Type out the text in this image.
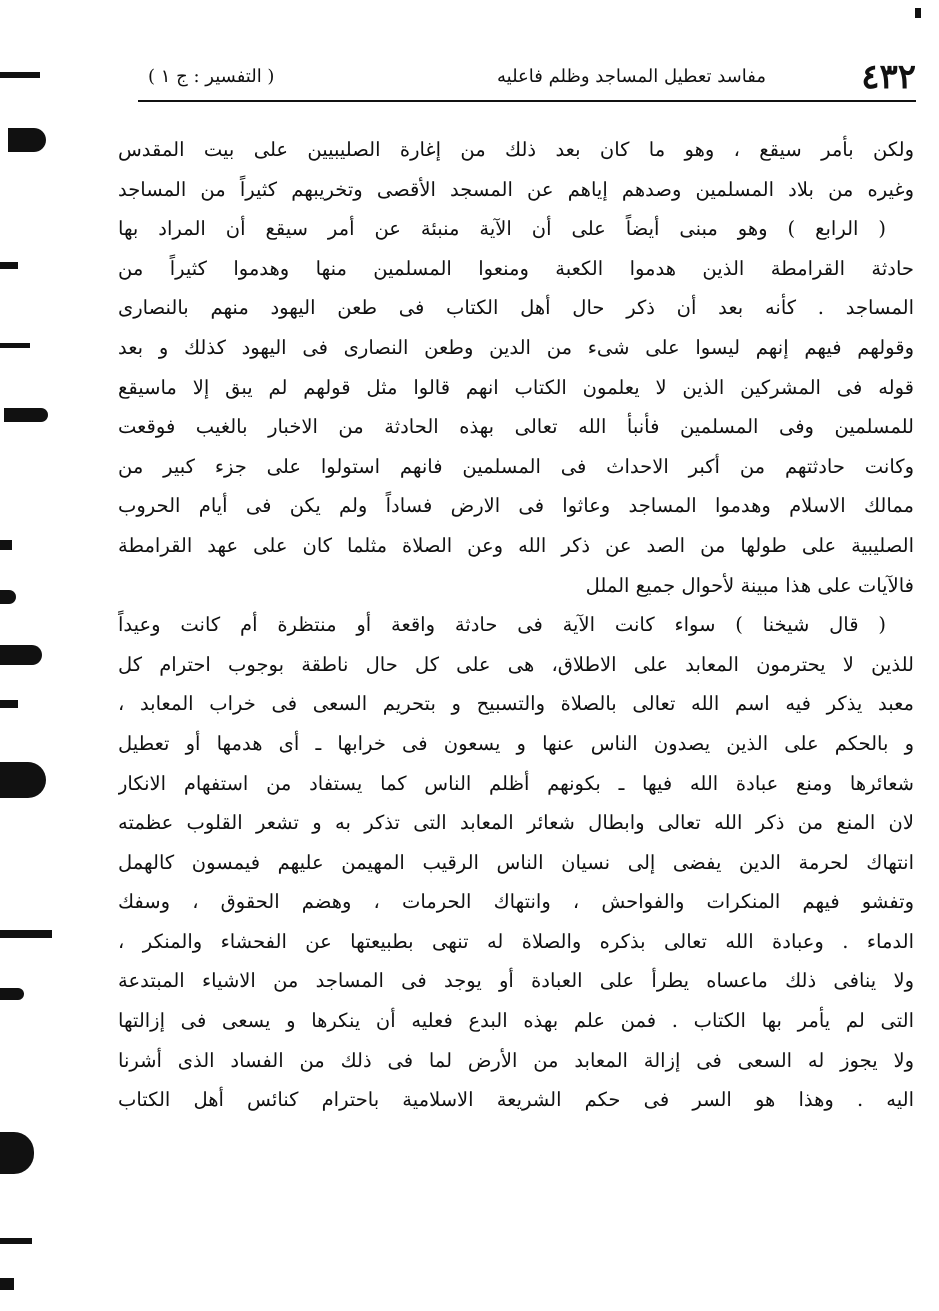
٤٣٢
مفاسد تعطيل المساجد وظلم فاعليه
( التفسير : ج ١ )
ولكن بأمر سيقع ، وهو ما كان بعد ذلك من إغارة الصليبيين على بيت المقدس
وغيره من بلاد المسلمين وصدهم إياهم عن المسجد الأقصى وتخريبهم كثيراً من المساجد
( الرابع ) وهو مبنى أيضاً على أن الآية منبئة عن أمر سيقع أن المراد بها
حادثة القرامطة الذين هدموا الكعبة ومنعوا المسلمين منها وهدموا كثيراً من
المساجد . كأنه بعد أن ذكر حال أهل الكتاب فى طعن اليهود منهم بالنصارى
وقولهم فيهم إنهم ليسوا على شىء من الدين وطعن النصارى فى اليهود كذلك و بعد
قوله فى المشركين الذين لا يعلمون الكتاب انهم قالوا مثل قولهم لم يبق إلا ماسيقع
للمسلمين وفى المسلمين فأنبأ الله تعالى بهذه الحادثة من الاخبار بالغيب فوقعت
وكانت حادثتهم من أكبر الاحداث فى المسلمين فانهم استولوا على جزء كبير من
ممالك الاسلام وهدموا المساجد وعاثوا فى الارض فساداً ولم يكن فى أيام الحروب
الصليبية على طولها من الصد عن ذكر الله وعن الصلاة مثلما كان على عهد القرامطة
فالآيات على هذا مبينة لأحوال جميع الملل
( قال شيخنا ) سواء كانت الآية فى حادثة واقعة أو منتظرة أم كانت وعيداً
للذين لا يحترمون المعابد على الاطلاق، هى على كل حال ناطقة بوجوب احترام كل
معبد يذكر فيه اسم الله تعالى بالصلاة والتسبيح و بتحريم السعى فى خراب المعابد ،
و بالحكم على الذين يصدون الناس عنها و يسعون فى خرابها ـ أى هدمها أو تعطيل
شعائرها ومنع عبادة الله فيها ـ بكونهم أظلم الناس كما يستفاد من استفهام الانكار
لان المنع من ذكر الله تعالى وابطال شعائر المعابد التى تذكر به و تشعر القلوب عظمته
انتهاك لحرمة الدين يفضى إلى نسيان الناس الرقيب المهيمن عليهم فيمسون كالهمل
وتفشو فيهم المنكرات والفواحش ، وانتهاك الحرمات ، وهضم الحقوق ، وسفك
الدماء . وعبادة الله تعالى بذكره والصلاة له تنهى بطبيعتها عن الفحشاء والمنكر ،
ولا ينافى ذلك ماعساه يطرأ على العبادة أو يوجد فى المساجد من الاشياء المبتدعة
التى لم يأمر بها الكتاب . فمن علم بهذه البدع فعليه أن ينكرها و يسعى فى إزالتها
ولا يجوز له السعى فى إزالة المعابد من الأرض لما فى ذلك من الفساد الذى أشرنا
اليه . وهذا هو السر فى حكم الشريعة الاسلامية باحترام كنائس أهل الكتاب
